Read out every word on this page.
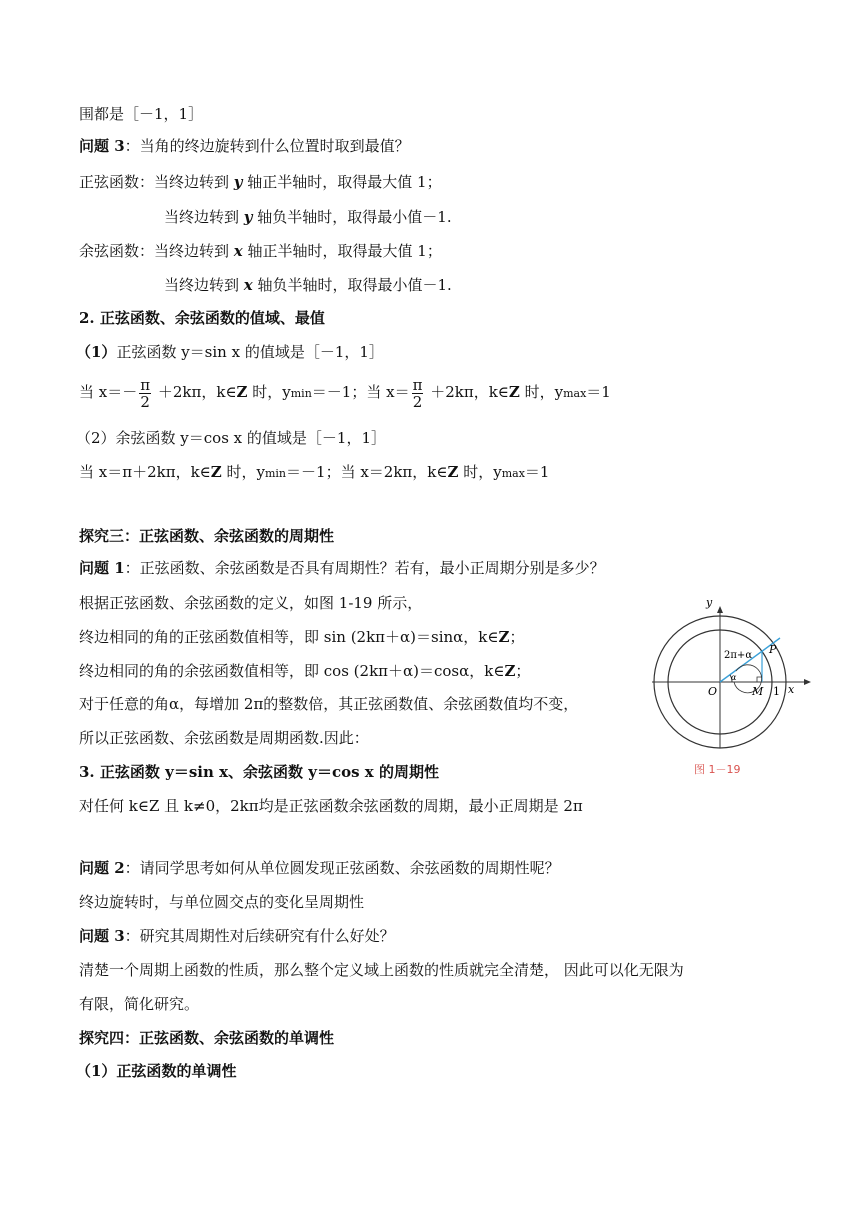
围都是［－1，1］
问题 3：当角的终边旋转到什么位置时取到最值？
正弦函数：当终边转到 y 轴正半轴时，取得最大值 1；
当终边转到 y 轴负半轴时，取得最小值－1.
余弦函数：当终边转到 x 轴正半轴时，取得最大值 1；
当终边转到 x 轴负半轴时，取得最小值－1.
2. 正弦函数、余弦函数的值域、最值
（1）正弦函数 y＝sin x 的值域是［－1，1］
当 $x=- \frac{\pi}{2} +2k\pi$，k∈Z 时，ymin＝－1；当 $x= \frac{\pi}{2} +2k\pi$，k∈Z 时，ymax＝1
（2）余弦函数 y＝cos x 的值域是［－1，1］
当 x＝π＋2kπ，k∈Z 时，ymin＝－1；当 x＝2kπ，k∈Z 时，ymax＝1
探究三：正弦函数、余弦函数的周期性
问题 1：正弦函数、余弦函数是否具有周期性？若有，最小正周期分别是多少？
根据正弦函数、余弦函数的定义，如图 1-19 所示，
终边相同的角的正弦函数值相等，即 sin (2kπ＋α)＝sinα，k∈Z；
终边相同的角的余弦函数值相等，即 cos (2kπ＋α)＝cosα，k∈Z；
对于任意的角α，每增加 2π的整数倍，其正弦函数值、余弦函数值均不变，
所以正弦函数、余弦函数是周期函数.因此：
3. 正弦函数 y＝sin x、余弦函数 y＝cos x 的周期性
对任何 k∈Z 且 k≠0，2kπ均是正弦函数余弦函数的周期，最小正周期是 2π
问题 2：请同学思考如何从单位圆发现正弦函数、余弦函数的周期性呢？
终边旋转时，与单位圆交点的变化呈周期性
问题 3：研究其周期性对后续研究有什么好处？
清楚一个周期上函数的性质，那么整个定义域上函数的性质就完全清楚， 因此可以化无限为
有限，简化研究。
探究四：正弦函数、余弦函数的单调性
（1）正弦函数的单调性
y
x
O	M 1
P
2π+α
α
图 1－19
